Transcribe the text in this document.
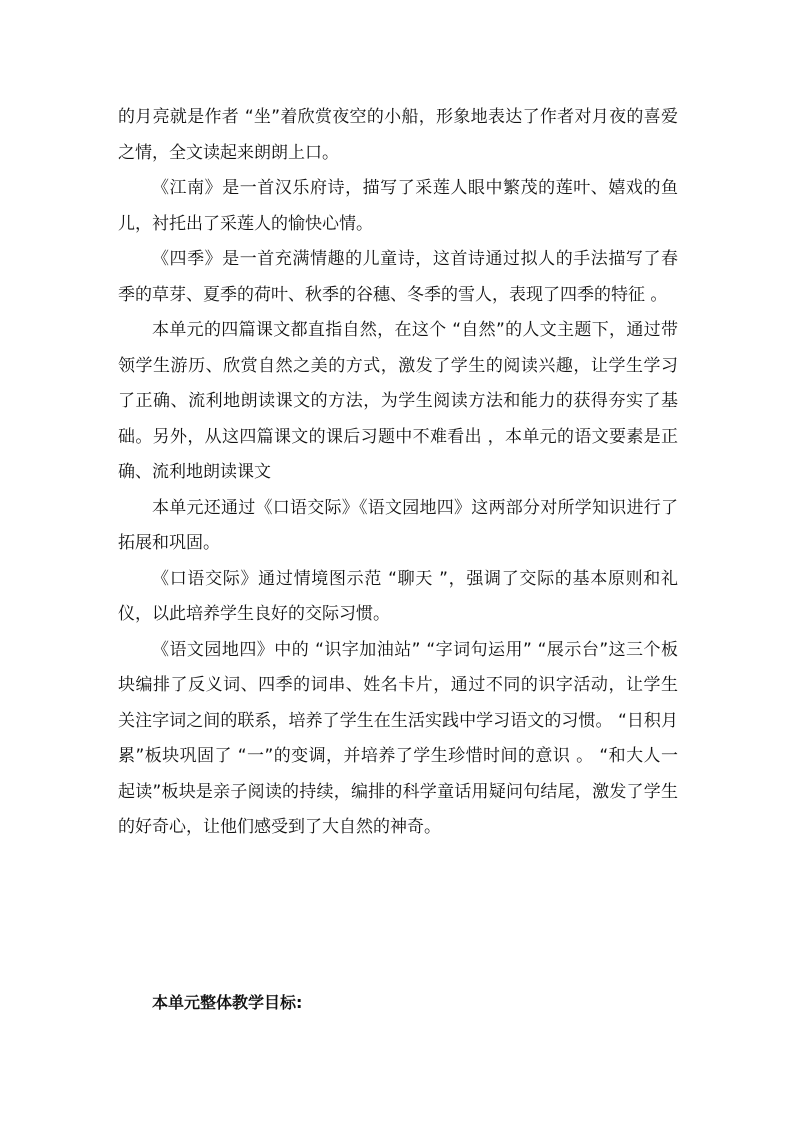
的月亮就是作者 “坐”着欣赏夜空的小船，形象地表达了作者对月夜的喜爱之情，全文读起来朗朗上口。

《江南》是一首汉乐府诗，描写了采莲人眼中繁茂的莲叶、嬉戏的鱼儿，衬托出了采莲人的愉快心情。

《四季》是一首充满情趣的儿童诗，这首诗通过拟人的手法描写了春季的草芽、夏季的荷叶、秋季的谷穗、冬季的雪人，表现了四季的特征 。

本单元的四篇课文都直指自然，在这个 “自然”的人文主题下，通过带领学生游历、欣赏自然之美的方式，激发了学生的阅读兴趣，让学生学习了正确、流利地朗读课文的方法，为学生阅读方法和能力的获得夯实了基础。另外，从这四篇课文的课后习题中不难看出 ，本单元的语文要素是正确、流利地朗读课文

本单元还通过《口语交际》《语文园地四》这两部分对所学知识进行了拓展和巩固。

《口语交际》通过情境图示范 “聊天 ”，强调了交际的基本原则和礼仪，以此培养学生良好的交际习惯。

《语文园地四》中的 “识字加油站” “字词句运用” “展示台”这三个板块编排了反义词、四季的词串、姓名卡片，通过不同的识字活动，让学生关注字词之间的联系，培养了学生在生活实践中学习语文的习惯。 “日积月累”板块巩固了 “一”的变调，并培养了学生珍惜时间的意识 。 “和大人一起读”板块是亲子阅读的持续，编排的科学童话用疑问句结尾，激发了学生的好奇心，让他们感受到了大自然的神奇。

本单元整体教学目标:
